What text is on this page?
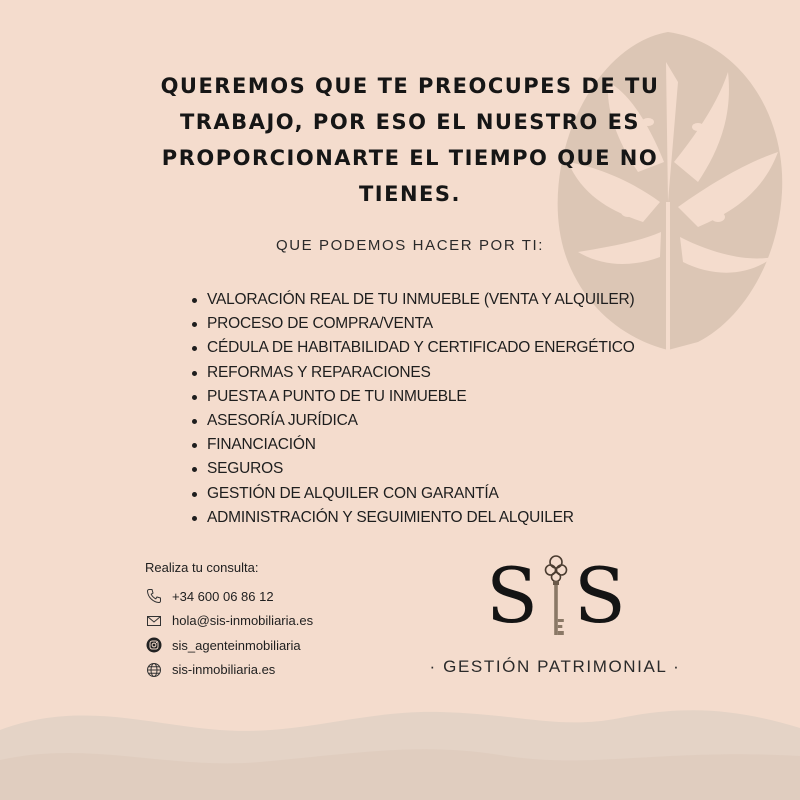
QUEREMOS QUE TE PREOCUPES DE TU TRABAJO, POR ESO EL NUESTRO ES PROPORCIONARTE EL TIEMPO QUE NO TIENES.
QUE PODEMOS HACER POR TI:
VALORACIÓN REAL DE TU INMUEBLE (VENTA Y ALQUILER)
PROCESO DE COMPRA/VENTA
CÉDULA DE HABITABILIDAD Y CERTIFICADO ENERGÉTICO
REFORMAS Y REPARACIONES
PUESTA A PUNTO DE TU INMUEBLE
ASESORÍA JURÍDICA
FINANCIACIÓN
SEGUROS
GESTIÓN DE ALQUILER CON GARANTÍA
ADMINISTRACIÓN Y SEGUIMIENTO DEL ALQUILER
Realiza tu consulta:
+34 600 06 86 12
hola@sis-inmobiliaria.es
sis_agenteinmobiliaria
sis-inmobiliaria.es
S S
· GESTIÓN PATRIMONIAL ·
